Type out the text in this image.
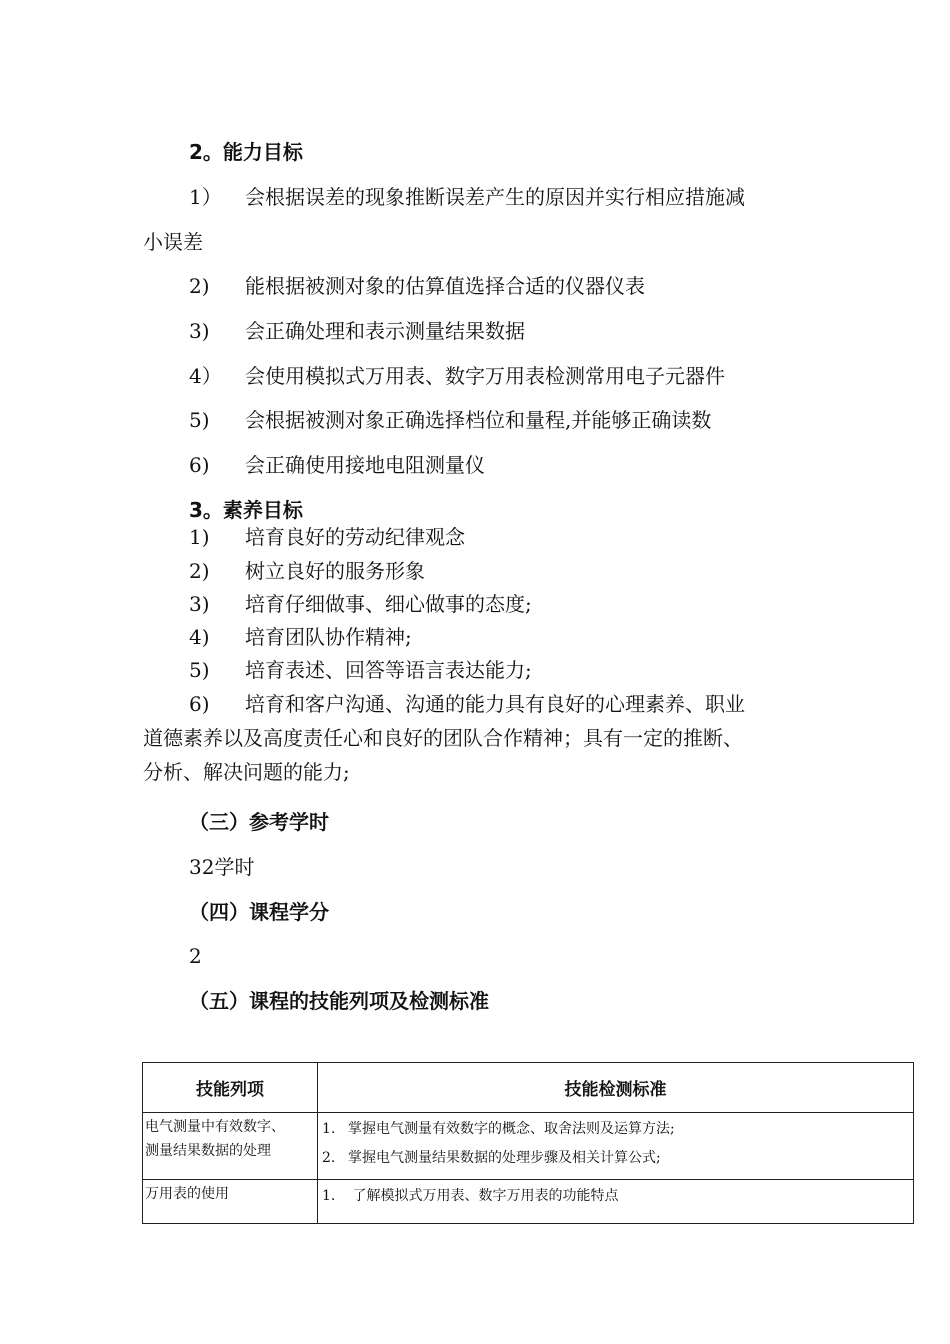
2。能力目标
1） 会根据误差的现象推断误差产生的原因并实行相应措施减
小误差
2) 能根据被测对象的估算值选择合适的仪器仪表
3) 会正确处理和表示测量结果数据
4） 会使用模拟式万用表、数字万用表检测常用电子元器件
5) 会根据被测对象正确选择档位和量程,并能够正确读数
6) 会正确使用接地电阻测量仪
3。素养目标
1) 培育良好的劳动纪律观念
2) 树立良好的服务形象
3) 培育仔细做事、细心做事的态度;
4) 培育团队协作精神;
5) 培育表述、回答等语言表达能力;
6) 培育和客户沟通、沟通的能力具有良好的心理素养、职业
道德素养以及高度责任心和良好的团队合作精神；具有一定的推断、
分析、解决问题的能力;
（三）参考学时
32学时
（四）课程学分
2
（五）课程的技能列项及检测标准
技能列项	技能检测标准
电气测量中有效数字、
测量结果数据的处理	1. 掌握电气测量有效数字的概念、取舍法则及运算方法;
2. 掌握电气测量结果数据的处理步骤及相关计算公式;

万用表的使用	1. 了解模拟式万用表、数字万用表的功能特点
